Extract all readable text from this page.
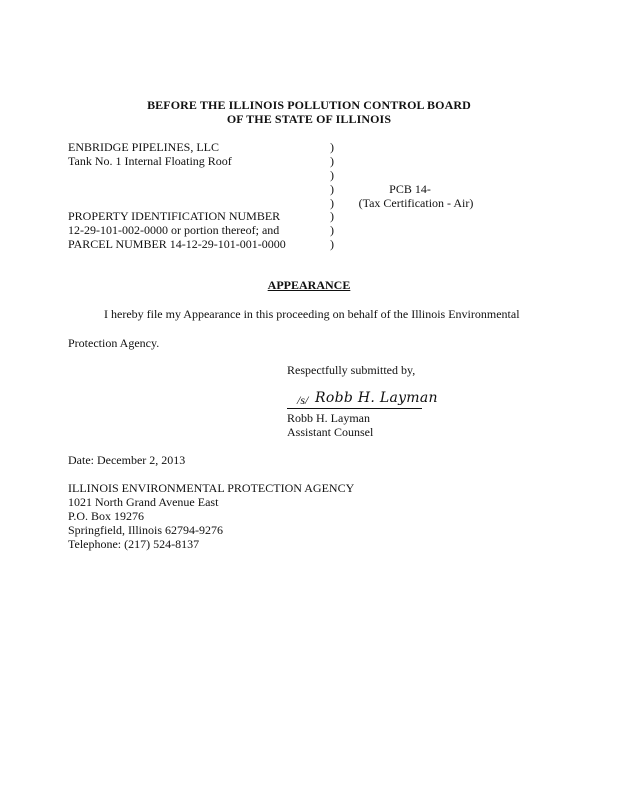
BEFORE THE ILLINOIS POLLUTION CONTROL BOARD
OF THE STATE OF ILLINOIS
ENBRIDGE PIPELINES, LLC
Tank No. 1 Internal Floating Roof
PROPERTY IDENTIFICATION NUMBER
12-29-101-002-0000 or portion thereof; and
PARCEL NUMBER 14-12-29-101-001-0000
)
)
)
)
)
)
)
)
PCB 14-
(Tax Certification - Air)
APPEARANCE
I hereby file my Appearance in this proceeding on behalf of the Illinois Environmental
Protection Agency.
Respectfully submitted by,
/s/ Robb H. Layman
Robb H. Layman
Assistant Counsel
Date: December 2, 2013
ILLINOIS ENVIRONMENTAL PROTECTION AGENCY
1021 North Grand Avenue East
P.O. Box 19276
Springfield, Illinois 62794-9276
Telephone: (217) 524-8137
